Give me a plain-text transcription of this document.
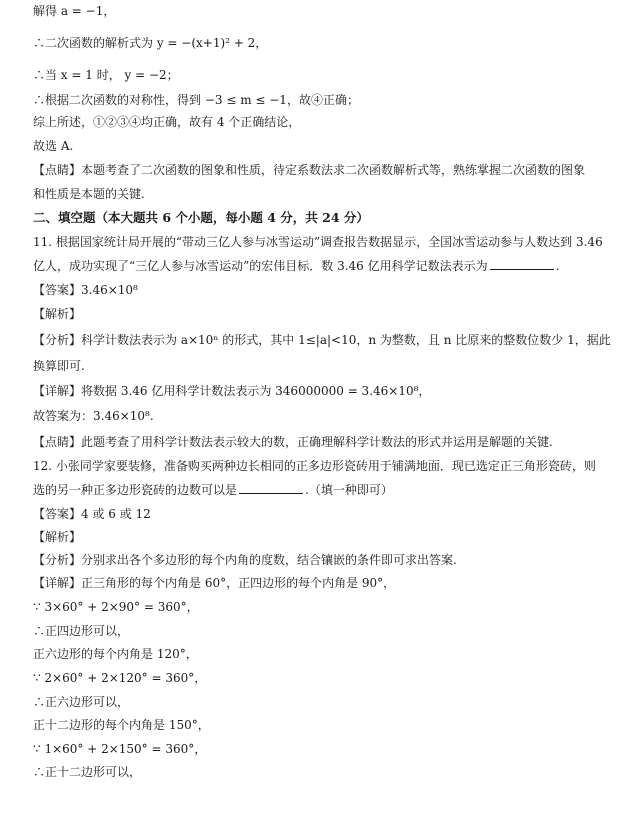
解得 a = −1，
∴二次函数的解析式为 y = −(x+1)² + 2，
∴当 x = 1 时， y = −2；
∴根据二次函数的对称性，得到 −3 ≤ m ≤ −1，故④正确；
综上所述，①②③④均正确，故有 4 个正确结论，
故选 A.
【点睛】本题考查了二次函数的图象和性质，待定系数法求二次函数解析式等，熟练掌握二次函数的图象
和性质是本题的关键.
二、填空题（本大题共 6 个小题，每小题 4 分，共 24 分）
11. 根据国家统计局开展的“带动三亿人参与冰雪运动”调查报告数据显示，全国冰雪运动参与人数达到 3.46
亿人，成功实现了“三亿人参与冰雪运动”的宏伟目标．数 3.46 亿用科学记数法表示为	.
【答案】3.46×10⁸
【解析】
【分析】科学计数法表示为 a×10ⁿ 的形式，其中 1≤|a|<10，n 为整数，且 n 比原来的整数位数少 1，据此
换算即可.
【详解】将数据 3.46 亿用科学计数法表示为 346000000 = 3.46×10⁸，
故答案为：3.46×10⁸.
【点睛】此题考查了用科学计数法表示较大的数，正确理解科学计数法的形式并运用是解题的关键.
12. 小张同学家要装修，准备购买两种边长相同的正多边形瓷砖用于铺满地面．现已选定正三角形瓷砖，则
选的另一种正多边形瓷砖的边数可以是	.（填一种即可）
【答案】4 或 6 或 12
【解析】
【分析】分别求出各个多边形的每个内角的度数，结合镶嵌的条件即可求出答案.
【详解】正三角形的每个内角是 60°，正四边形的每个内角是 90°，
∵ 3×60° + 2×90° = 360°，
∴正四边形可以，
正六边形的每个内角是 120°，
∵ 2×60° + 2×120° = 360°，
∴正六边形可以，
正十二边形的每个内角是 150°，
∵ 1×60° + 2×150° = 360°，
∴正十二边形可以，
